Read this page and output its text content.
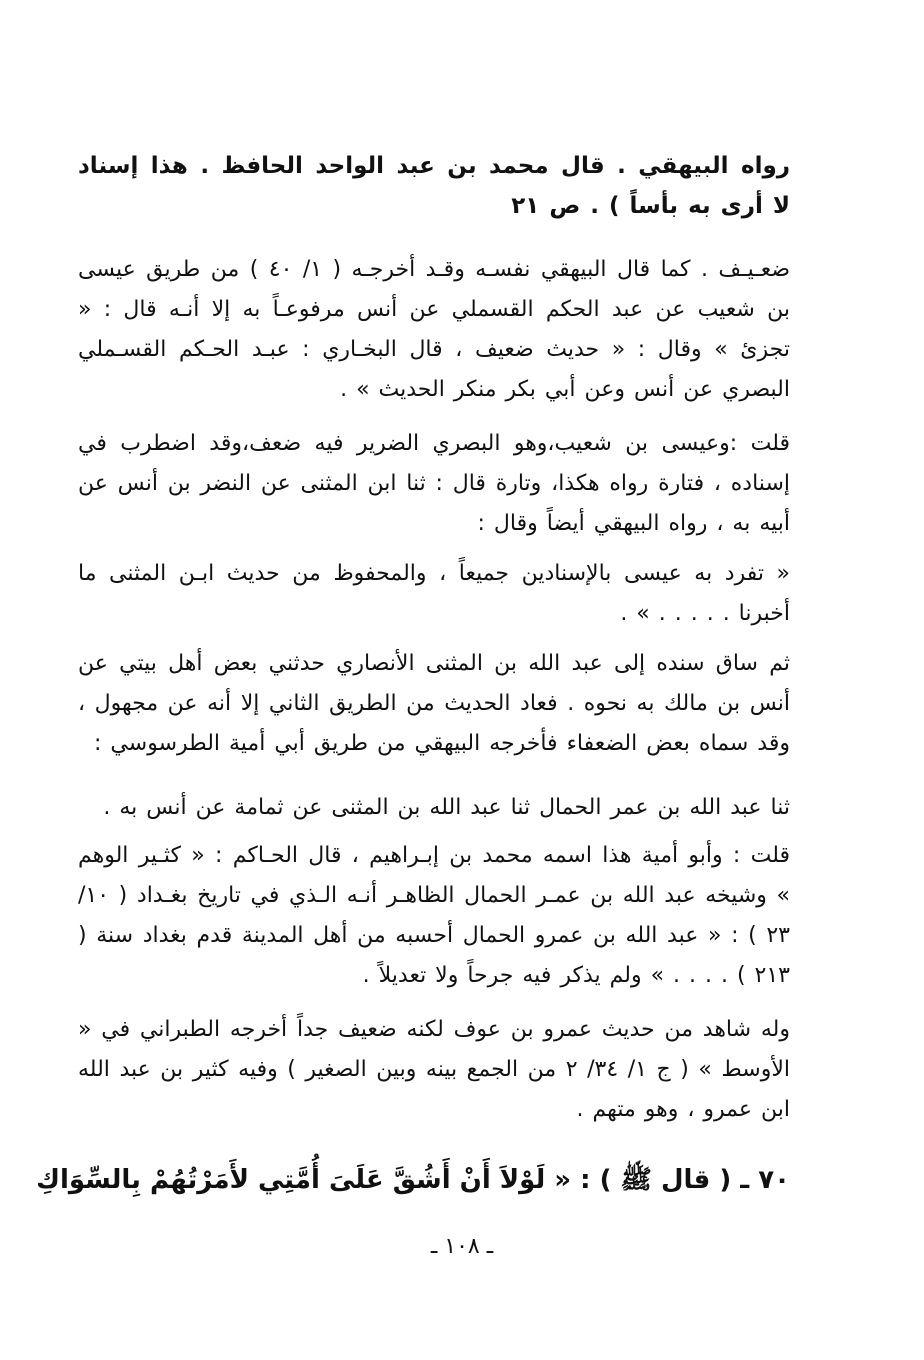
رواه البيهقي . قال محمد بن عبد الواحد الحافظ . هذا إسناد لا أرى به بأساً ) . ص ٢١

ضعـيـف . كما قال البيهقي نفسـه وقـد أخرجـه ( ١/ ٤٠ ) من طريق عيسى بن شعيب عن عبد الحكم القسملي عن أنس مرفوعـاً به إلا أنـه قال : « تجزئ » وقال : « حديث ضعيف ، قال البخـاري : عبـد الحـكم القسـملي البصري عن أنس وعن أبي بكر منكر الحديث » .

قلت :وعيسى بن شعيب،وهو البصري الضرير فيه ضعف،وقد اضطرب في إسناده ، فتارة رواه هكذا، وتارة قال : ثنا ابن المثنى عن النضر بن أنس عن أبيه به ، رواه البيهقي أيضاً وقال :

« تفرد به عيسى بالإسنادين جميعاً ، والمحفوظ من حديث ابـن المثنى ما أخبرنا . . . . . » .

ثم ساق سنده إلى عبد الله بن المثنى الأنصاري حدثني بعض أهل بيتي عن أنس بن مالك به نحوه . فعاد الحديث من الطريق الثاني إلا أنه عن مجهول ، وقد سماه بعض الضعفاء فأخرجه البيهقي من طريق أبي أمية الطرسوسي :

ثنا عبد الله بن عمر الحمال ثنا عبد الله بن المثنى عن ثمامة عن أنس به .

قلت : وأبو أمية هذا اسمه محمد بن إبـراهيم ، قال الحـاكم : « كثـير الوهم » وشيخه عبد الله بن عمـر الحمال الظاهـر أنـه الـذي في تاريخ بغـداد ( ١٠/ ٢٣ ) : « عبد الله بن عمرو الحمال أحسبه من أهل المدينة قدم بغداد سنة ( ٢١٣ ) . . . . » ولم يذكر فيه جرحاً ولا تعديلاً .

وله شاهد من حديث عمرو بن عوف لكنه ضعيف جداً أخرجه الطبراني في « الأوسط » ( ج ١/ ٣٤/ ٢ من الجمع بينه وبين الصغير ) وفيه كثير بن عبد الله ابن عمرو ، وهو متهم .

٧٠ ـ ( قال ﷺ ) : « لَوْلاَ أَنْ أَشُقَّ عَلَىَ أُمَّتِي لأَمَرْتُهُمْ بِالسِّوَاكِ

ـ ١٠٨ ـ
